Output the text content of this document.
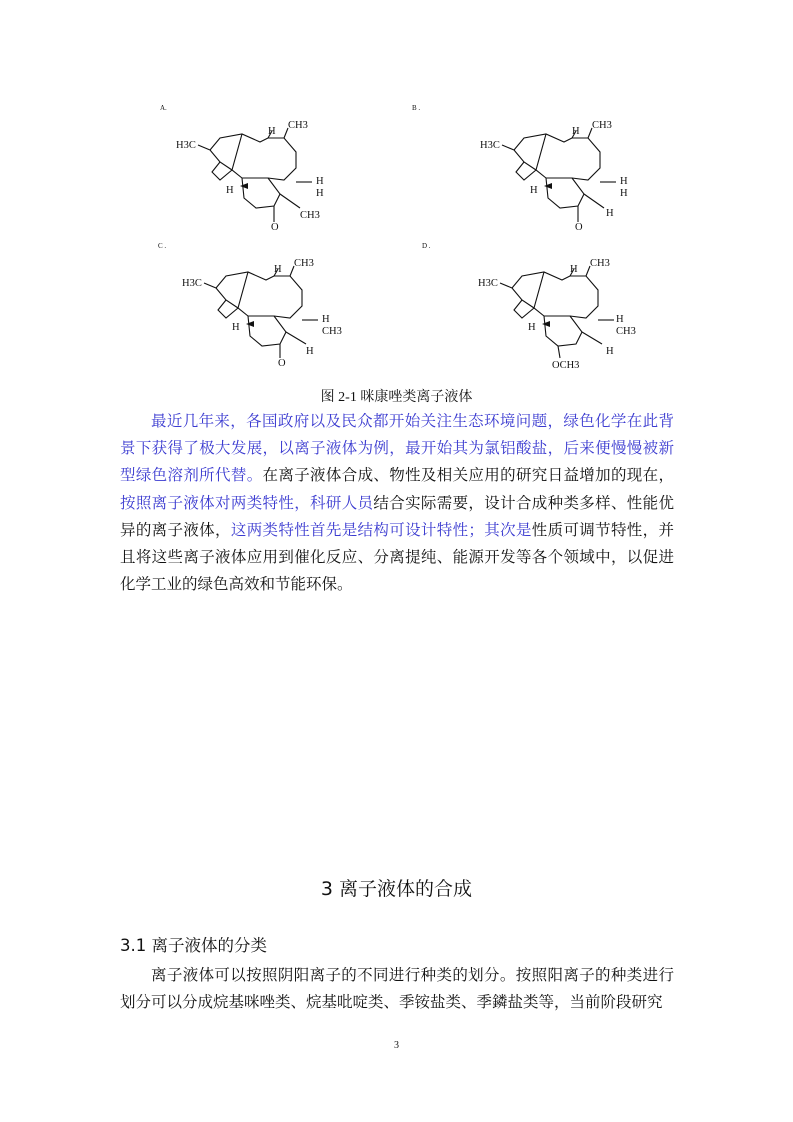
A.
H3C
CH3
H
H
O
CH3
H
H
B .
H3C
CH3
H
H
O
H
H
H
C .
H3C
CH3
H
H
O
H
H
CH3
D .
H3C
CH3
H
H
OCH3
H
H
CH3
图 2-1 咪康唑类离子液体

最近几年来，各国政府以及民众都开始关注生态环境问题，绿色化学在此背景下获得了极大发展，以离子液体为例，最开始其为氯铝酸盐，后来便慢慢被新型绿色溶剂所代替。在离子液体合成、物性及相关应用的研究日益增加的现在，按照离子液体对两类特性，科研人员结合实际需要，设计合成种类多样、性能优异的离子液体，这两类特性首先是结构可设计特性；其次是性质可调节特性，并且将这些离子液体应用到催化反应、分离提纯、能源开发等各个领域中，以促进化学工业的绿色高效和节能环保。

3 离子液体的合成
3.1 离子液体的分类

离子液体可以按照阴阳离子的不同进行种类的划分。按照阳离子的种类进行划分可以分成烷基咪唑类、烷基吡啶类、季铵盐类、季鏻盐类等，当前阶段研究

3
